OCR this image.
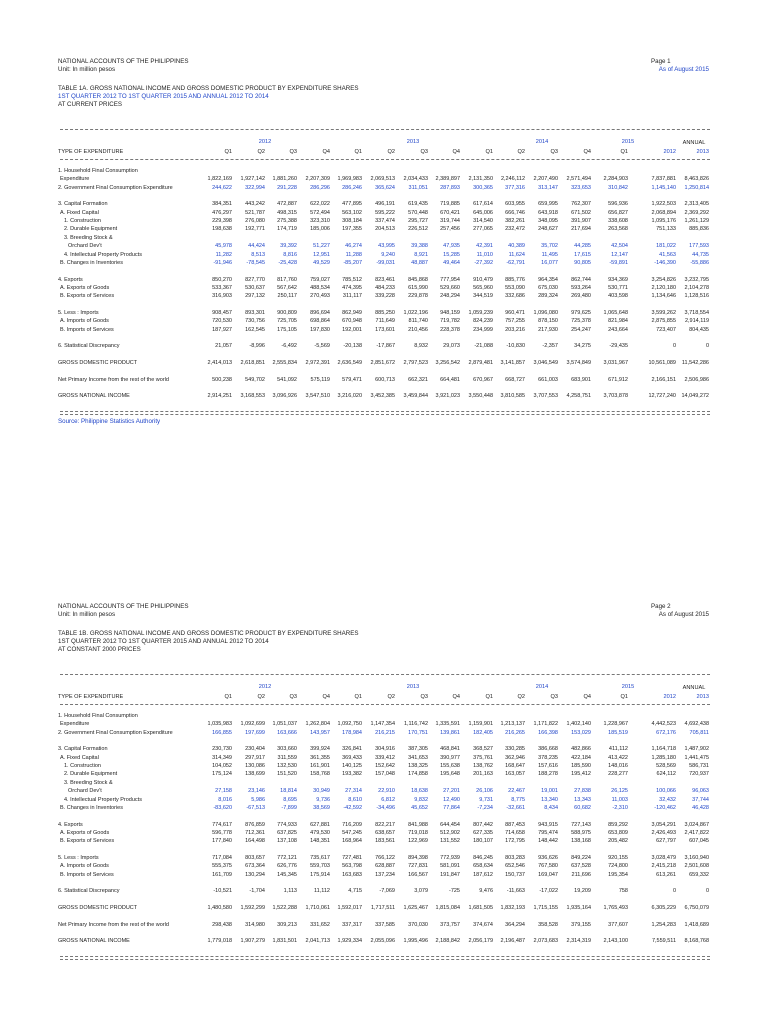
NATIONAL ACCOUNTS OF THE PHILIPPINES
Unit: In million pesos
Page 1
As of August 2015
TABLE 1A. GROSS NATIONAL INCOME AND GROSS DOMESTIC PRODUCT BY EXPENDITURE SHARES
1ST QUARTER 2012 TO 1ST QUARTER 2015 AND ANNUAL 2012 TO 2014
AT CURRENT PRICES
2012	2013	2014	2015	ANNUAL
Q1	Q2	Q3	Q4	Q1	Q2	Q3	Q4	Q1	Q2	Q3	Q4	Q1	2012	2013
TYPE OF EXPENDITURE
1. Household Final Consumption
Expenditure	1,822,169	1,927,142	1,881,260	2,207,309	1,969,983	2,069,513	2,034,433	2,389,897	2,131,350	2,246,112	2,207,490	2,571,494	2,284,903	7,837,881	8,463,826
2. Government Final Consumption Expenditure	244,622	322,994	291,228	286,296	286,246	365,624	311,051	287,893	300,365	377,316	313,147	323,653	310,842	1,145,140	1,250,814
3. Capital Formation	384,351	443,242	472,887	622,022	477,895	496,191	619,435	719,885	617,614	603,955	659,995	762,307	596,936	1,922,503	2,313,405
A. Fixed Capital	476,297	521,787	498,315	572,494	563,102	595,222	570,448	670,421	645,006	666,746	643,918	671,502	656,827	2,068,894	2,369,292
1. Construction	229,398	276,080	275,388	323,310	308,184	337,474	295,727	319,744	314,540	382,261	348,095	391,907	338,608	1,095,176	1,261,129
2. Durable Equipment	198,638	192,771	174,719	185,006	197,355	204,513	226,512	257,456	277,065	232,472	248,627	217,694	263,568	751,133	885,836
3. Breeding Stock &
Orchard Dev't	45,978	44,424	39,392	51,227	46,274	43,995	39,388	47,935	42,391	40,389	35,702	44,285	42,504	181,022	177,593
4. Intellectual Property Products	11,282	8,513	8,816	12,951	11,288	9,240	8,921	15,285	11,010	11,624	11,495	17,615	12,147	41,563	44,735
B. Changes in Inventories	-91,946	-78,545	-25,428	49,529	-85,207	-99,031	48,887	49,464	-27,392	-62,791	16,077	90,805	-59,891	-146,390	-55,886
4. Exports	850,270	827,770	817,760	759,027	785,512	823,461	845,868	777,954	910,479	885,776	964,354	862,744	934,369	3,254,826	3,232,795
A. Exports of Goods	533,367	530,637	567,642	488,534	474,395	484,233	615,990	529,660	565,960	553,090	675,030	593,264	530,771	2,120,180	2,104,278
B. Exports of Services	316,903	297,132	250,117	270,493	311,117	339,228	229,878	248,294	344,519	332,686	289,324	269,480	403,598	1,134,646	1,128,516
5. Less : Imports	908,457	893,301	900,809	896,694	862,949	885,250	1,022,196	948,159	1,059,239	960,471	1,096,080	979,625	1,065,648	3,599,262	3,718,554
A. Imports of Goods	720,530	730,756	725,705	698,864	670,948	711,649	811,740	719,782	824,239	757,255	878,150	725,378	821,984	2,875,855	2,914,119
B. Imports of Services	187,927	162,545	175,105	197,830	192,001	173,601	210,456	228,378	234,999	203,216	217,930	254,247	243,664	723,407	804,435
6. Statistical Discrepancy	21,057	-8,996	-6,492	-5,569	-20,138	-17,867	8,932	29,073	-21,088	-10,830	-2,357	34,275	-29,435	0	0
GROSS DOMESTIC PRODUCT	2,414,013	2,618,851	2,555,834	2,972,391	2,636,549	2,851,672	2,797,523	3,256,542	2,879,481	3,141,857	3,046,549	3,574,849	3,031,967	10,561,089	11,542,286
Net Primary Income from the rest of the world	500,238	549,702	541,092	575,119	579,471	600,713	662,321	664,481	670,967	668,727	661,003	683,901	671,912	2,166,151	2,506,986
GROSS NATIONAL INCOME	2,914,251	3,168,553	3,096,926	3,547,510	3,216,020	3,452,385	3,459,844	3,921,023	3,550,448	3,810,585	3,707,553	4,258,751	3,703,878	12,727,240 14,049,272
Source: Philippine Statistics Authority
NATIONAL ACCOUNTS OF THE PHILIPPINES
Unit: In million pesos
Page 2
As of August 2015
TABLE 1B. GROSS NATIONAL INCOME AND GROSS DOMESTIC PRODUCT BY EXPENDITURE SHARES
1ST QUARTER 2012 TO 1ST QUARTER 2015 AND ANNUAL 2012 TO 2014
AT CONSTANT 2000 PRICES
2012	2013	2014	2015	ANNUAL
Q1	Q2	Q3	Q4	Q1	Q2	Q3	Q4	Q1	Q2	Q3	Q4	Q1	2012	2013
TYPE OF EXPENDITURE
1. Household Final Consumption
Expenditure	1,035,983	1,092,699	1,051,037	1,262,804	1,092,750	1,147,354	1,116,742	1,335,591	1,159,901	1,213,137	1,171,822	1,402,140	1,228,967	4,442,523	4,692,438
2. Government Final Consumption Expenditure	166,855	197,699	163,666	143,957	178,984	216,215	170,751	139,861	182,405	216,265	166,398	153,029	185,519	672,176	705,811
3. Capital Formation	230,730	230,404	303,660	399,924	326,841	304,916	387,305	468,841	368,527	330,285	386,668	482,866	411,112	1,164,718	1,487,902
A. Fixed Capital	314,349	297,917	311,559	361,355	369,433	339,412	341,653	390,977	375,761	362,946	378,235	422,184	413,422	1,285,180	1,441,475
1. Construction	104,052	130,086	132,530	161,901	140,125	152,642	138,325	155,638	138,762	168,647	157,616	185,590	148,016	528,569	586,731
2. Durable Equipment	175,124	138,699	151,520	158,768	193,382	157,048	174,858	195,648	201,163	163,057	188,278	195,412	228,277	624,112	720,937
3. Breeding Stock &
Orchard Dev't	27,158	23,146	18,814	30,949	27,314	22,910	18,638	27,201	26,106	22,467	19,001	27,838	26,125	100,066	96,063
4. Intellectual Property Products	8,016	5,986	8,695	9,736	8,610	6,812	9,832	12,490	9,731	8,775	13,340	13,343	11,003	32,432	37,744
B. Changes in Inventories	-83,620	-67,513	-7,899	38,569	-42,592	-34,496	45,652	77,864	-7,234	-32,661	8,434	60,682	-2,310	-120,462	46,428
4. Exports	774,617	876,859	774,933	627,881	716,209	822,217	841,988	644,454	807,442	887,453	943,915	727,143	859,292	3,054,291	3,024,867
A. Exports of Goods	596,778	712,361	637,825	479,530	547,245	638,657	719,018	512,902	627,335	714,658	795,474	588,975	653,809	2,426,493	2,417,822
B. Exports of Services	177,840	164,498	137,108	148,351	168,964	183,561	122,969	131,552	180,107	172,795	148,442	138,168	205,482	627,797	607,045
5. Less : Imports	717,084	803,657	772,121	735,617	727,481	766,122	894,398	772,939	846,245	803,283	936,626	849,224	920,155	3,028,479	3,160,940
A. Imports of Goods	555,375	673,364	626,776	559,703	563,798	628,887	727,831	581,091	658,634	652,546	767,580	637,528	724,800	2,415,218	2,501,608
B. Imports of Services	161,709	130,294	145,345	175,914	163,683	137,234	166,567	191,847	187,612	150,737	169,047	211,696	195,354	613,261	659,332
6. Statistical Discrepancy	-10,521	-1,704	1,113	11,112	4,715	-7,069	3,079	-725	9,476	-11,663	-17,022	19,209	758	0	0
GROSS DOMESTIC PRODUCT	1,480,580	1,592,299	1,522,288	1,710,061	1,592,017	1,717,511	1,625,467	1,815,084	1,681,505	1,832,193	1,715,155	1,935,164	1,765,493	6,305,229	6,750,079
Net Primary Income from the rest of the world	298,438	314,980	309,213	331,652	337,317	337,585	370,030	373,757	374,674	364,294	358,528	379,155	377,607	1,254,283	1,418,689
GROSS NATIONAL INCOME	1,779,018	1,907,279	1,831,501	2,041,713	1,929,334	2,055,096	1,995,496	2,188,842	2,056,179	2,196,487	2,073,683	2,314,319	2,143,100	7,559,511	8,168,768
